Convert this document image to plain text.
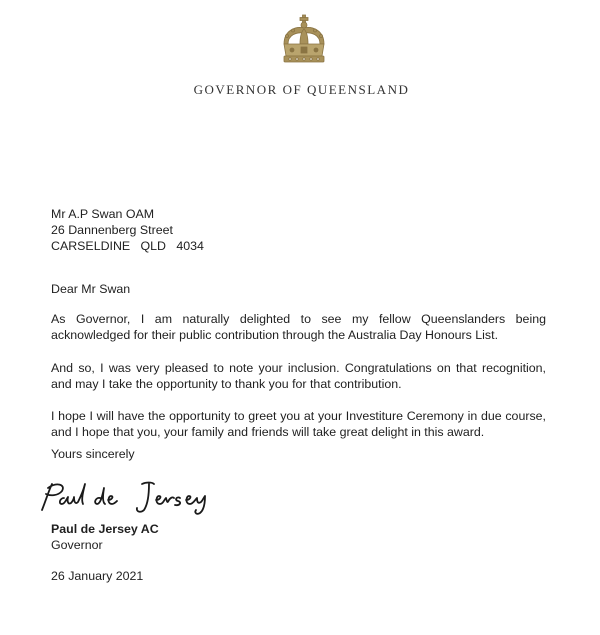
GOVERNOR OF QUEENSLAND
Mr A.P Swan OAM
26 Dannenberg Street
CARSELDINE   QLD   4034
Dear Mr Swan
As Governor, I am naturally delighted to see my fellow Queenslanders being acknowledged for their public contribution through the Australia Day Honours List.
And so, I was very pleased to note your inclusion. Congratulations on that recognition, and may I take the opportunity to thank you for that contribution.
I hope I will have the opportunity to greet you at your Investiture Ceremony in due course, and I hope that you, your family and friends will take great delight in this award.
Yours sincerely
Paul de Jersey AC
Governor
26 January 2021
